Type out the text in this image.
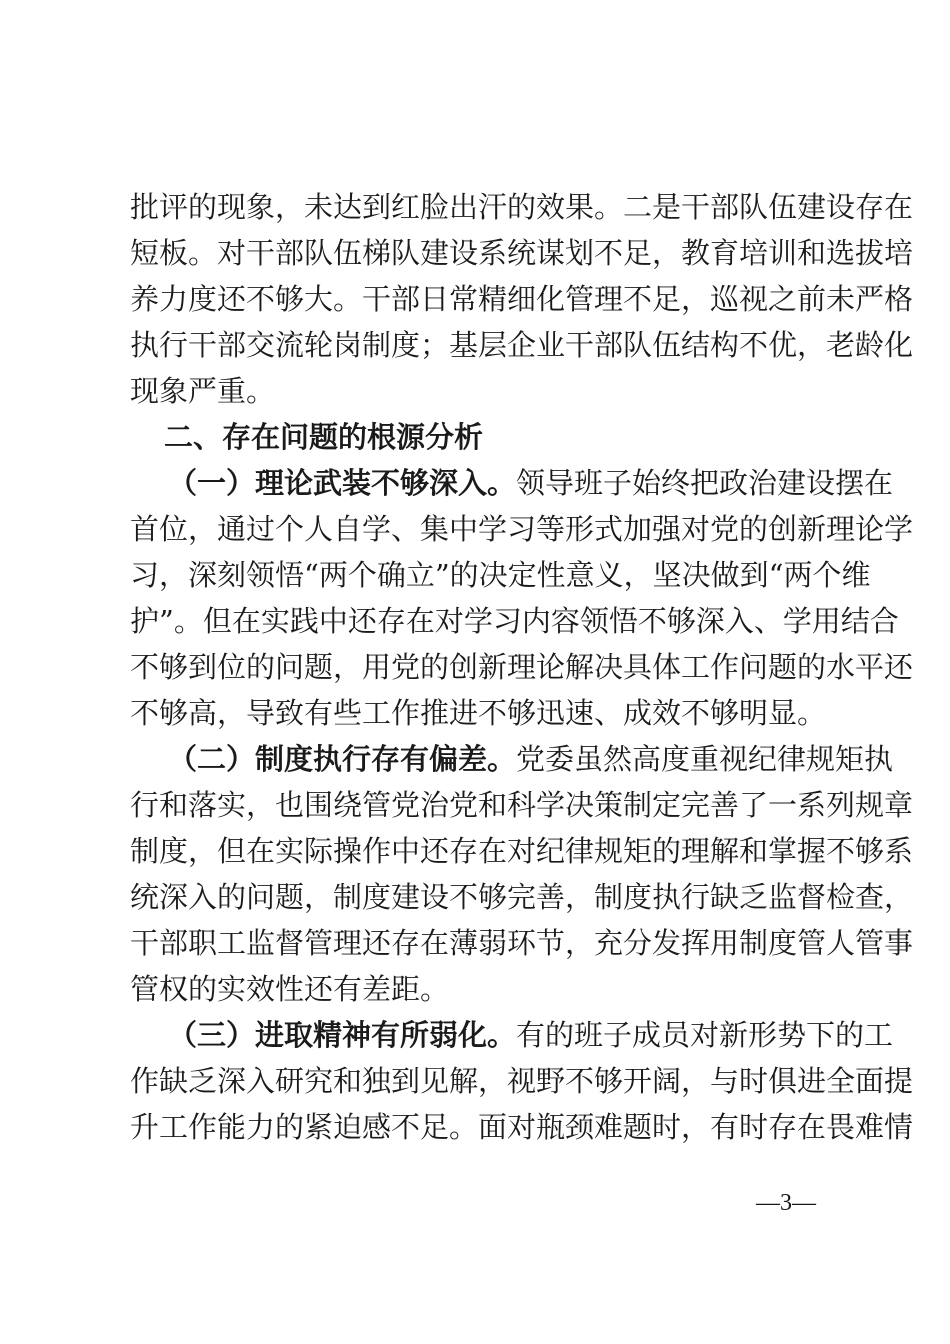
批评的现象，未达到红脸出汗的效果。二是干部队伍建设存在
短板。对干部队伍梯队建设系统谋划不足，教育培训和选拔培
养力度还不够大。干部日常精细化管理不足，巡视之前未严格
执行干部交流轮岗制度；基层企业干部队伍结构不优，老龄化
现象严重。
二、存在问题的根源分析
（一）理论武装不够深入。领导班子始终把政治建设摆在
首位，通过个人自学、集中学习等形式加强对党的创新理论学
习，深刻领悟“两个确立”的决定性意义，坚决做到“两个维
护”。但在实践中还存在对学习内容领悟不够深入、学用结合
不够到位的问题，用党的创新理论解决具体工作问题的水平还
不够高，导致有些工作推进不够迅速、成效不够明显。
（二）制度执行存有偏差。党委虽然高度重视纪律规矩执
行和落实，也围绕管党治党和科学决策制定完善了一系列规章
制度，但在实际操作中还存在对纪律规矩的理解和掌握不够系
统深入的问题，制度建设不够完善，制度执行缺乏监督检查，
干部职工监督管理还存在薄弱环节，充分发挥用制度管人管事
管权的实效性还有差距。
（三）进取精神有所弱化。有的班子成员对新形势下的工
作缺乏深入研究和独到见解，视野不够开阔，与时俱进全面提
升工作能力的紧迫感不足。面对瓶颈难题时，有时存在畏难情
—3—
